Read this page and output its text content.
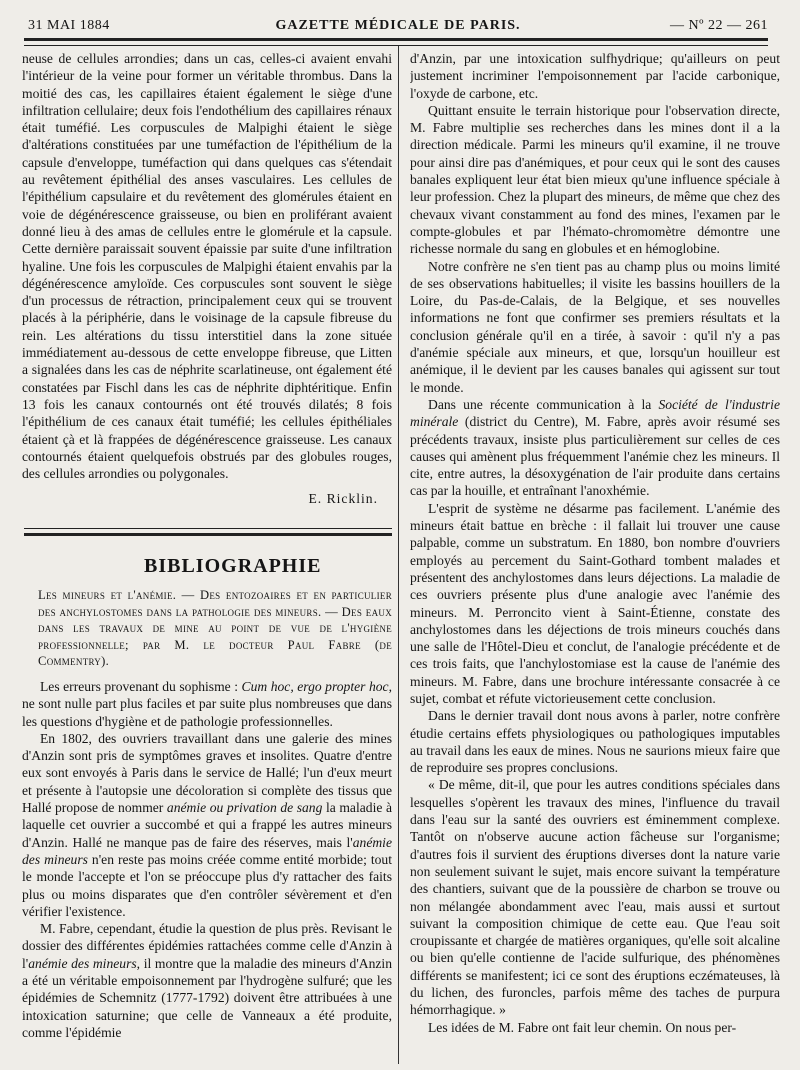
31 MAI 1884	GAZETTE MÉDICALE DE PARIS.	— Nº 22 — 261

neuse de cellules arrondies; dans un cas, celles-ci avaient envahi l'intérieur de la veine pour former un véritable thrombus. Dans la moitié des cas, les capillaires étaient également le siège d'une infiltration cellulaire; deux fois l'endothélium des capillaires rénaux était tuméfié. Les corpuscules de Malpighi étaient le siège d'altérations constituées par une tuméfaction de l'épithélium de la capsule d'enveloppe, tuméfaction qui dans quelques cas s'étendait au revêtement épithélial des anses vasculaires. Les cellules de l'épithélium capsulaire et du revêtement des glomérules étaient en voie de dégénérescence graisseuse, ou bien en proliférant avaient donné lieu à des amas de cellules entre le glomérule et la capsule. Cette dernière paraissait souvent épaissie par suite d'une infiltration hyaline. Une fois les corpuscules de Malpighi étaient envahis par la dégénérescence amyloïde. Ces corpuscules sont souvent le siège d'un processus de rétraction, principalement ceux qui se trouvent placés à la périphérie, dans le voisinage de la capsule fibreuse du rein. Les altérations du tissu interstitiel dans la zone située immédiatement au-dessous de cette enveloppe fibreuse, que Litten a signalées dans les cas de néphrite scarlatineuse, ont également été constatées par Fischl dans les cas de néphrite diphtéritique. Enfin 13 fois les canaux contournés ont été trouvés dilatés; 8 fois l'épithélium de ces canaux était tuméfié; les cellules épithéliales étaient çà et là frappées de dégénérescence graisseuse. Les canaux contournés étaient quelquefois obstrués par des globules rouges, des cellules arrondies ou polygonales.

E. Ricklin.
BIBLIOGRAPHIE

Les mineurs et l'anémie. — Des entozoaires et en particulier des anchylostomes dans la pathologie des mineurs. — Des eaux dans les travaux de mine au point de vue de l'hygiène professionnelle; par M. le docteur Paul Fabre (de Commentry).

Les erreurs provenant du sophisme : Cum hoc, ergo propter hoc, ne sont nulle part plus faciles et par suite plus nombreuses que dans les questions d'hygiène et de pathologie professionnelles.

En 1802, des ouvriers travaillant dans une galerie des mines d'Anzin sont pris de symptômes graves et insolites. Quatre d'entre eux sont envoyés à Paris dans le service de Hallé; l'un d'eux meurt et présente à l'autopsie une décoloration si complète des tissus que Hallé propose de nommer anémie ou privation de sang la maladie à laquelle cet ouvrier a succombé et qui a frappé les autres mineurs d'Anzin. Hallé ne manque pas de faire des réserves, mais l'anémie des mineurs n'en reste pas moins créée comme entité morbide; tout le monde l'accepte et l'on se préoccupe plus d'y rattacher des faits plus ou moins disparates que d'en contrôler sévèrement et d'en vérifier l'existence.

M. Fabre, cependant, étudie la question de plus près. Revisant le dossier des différentes épidémies rattachées comme celle d'Anzin à l'anémie des mineurs, il montre que la maladie des mineurs d'Anzin a été un véritable empoisonnement par l'hydrogène sulfuré; que les épidémies de Schemnitz (1777-1792) doivent être attribuées à une intoxication saturnine; que celle de Vanneaux a été produite, comme l'épidémie

d'Anzin, par une intoxication sulfhydrique; qu'ailleurs on peut justement incriminer l'empoisonnement par l'acide carbonique, l'oxyde de carbone, etc.

Quittant ensuite le terrain historique pour l'observation directe, M. Fabre multiplie ses recherches dans les mines dont il a la direction médicale. Parmi les mineurs qu'il examine, il ne trouve pour ainsi dire pas d'anémiques, et pour ceux qui le sont des causes banales expliquent leur état bien mieux qu'une influence spéciale à leur profession. Chez la plupart des mineurs, de même que chez des chevaux vivant constamment au fond des mines, l'examen par le compte-globules et par l'hémato-chromomètre démontre une richesse normale du sang en globules et en hémoglobine.

Notre confrère ne s'en tient pas au champ plus ou moins limité de ses observations habituelles; il visite les bassins houillers de la Loire, du Pas-de-Calais, de la Belgique, et ses nouvelles informations ne font que confirmer ses premiers résultats et la conclusion générale qu'il en a tirée, à savoir : qu'il n'y a pas d'anémie spéciale aux mineurs, et que, lorsqu'un houilleur est anémique, il le devient par les causes banales qui agissent sur tout le monde.

Dans une récente communication à la Société de l'industrie minérale (district du Centre), M. Fabre, après avoir résumé ses précédents travaux, insiste plus particulièrement sur celles de ces causes qui amènent plus fréquemment l'anémie chez les mineurs. Il cite, entre autres, la désoxygénation de l'air produite dans certains cas par la houille, et entraînant l'anoxhémie.

L'esprit de système ne désarme pas facilement. L'anémie des mineurs était battue en brèche : il fallait lui trouver une cause palpable, comme un substratum. En 1880, bon nombre d'ouvriers employés au percement du Saint-Gothard tombent malades et présentent des anchylostomes dans leurs déjections. La maladie de ces ouvriers présente plus d'une analogie avec l'anémie des mineurs. M. Perroncito vient à Saint-Étienne, constate des anchylostomes dans les déjections de trois mineurs couchés dans une salle de l'Hôtel-Dieu et conclut, de l'analogie précédente et de ces trois faits, que l'anchylostomiase est la cause de l'anémie des mineurs. M. Fabre, dans une brochure intéressante consacrée à ce sujet, combat et réfute victorieusement cette conclusion.

Dans le dernier travail dont nous avons à parler, notre confrère étudie certains effets physiologiques ou pathologiques imputables au travail dans les eaux de mines. Nous ne saurions mieux faire que de reproduire ses propres conclusions.

« De même, dit-il, que pour les autres conditions spéciales dans lesquelles s'opèrent les travaux des mines, l'influence du travail dans l'eau sur la santé des ouvriers est éminemment complexe. Tantôt on n'observe aucune action fâcheuse sur l'organisme; d'autres fois il survient des éruptions diverses dont la nature varie non seulement suivant le sujet, mais encore suivant la température des chantiers, suivant que de la poussière de charbon se trouve ou non mélangée abondamment avec l'eau, mais aussi et surtout suivant la composition chimique de cette eau. Que l'eau soit croupissante et chargée de matières organiques, qu'elle soit alcaline ou bien qu'elle contienne de l'acide sulfurique, des phénomènes différents se manifestent; ici ce sont des éruptions eczémateuses, là du lichen, des furoncles, parfois même des taches de purpura hémorrhagique. »

Les idées de M. Fabre ont fait leur chemin. On nous per-
